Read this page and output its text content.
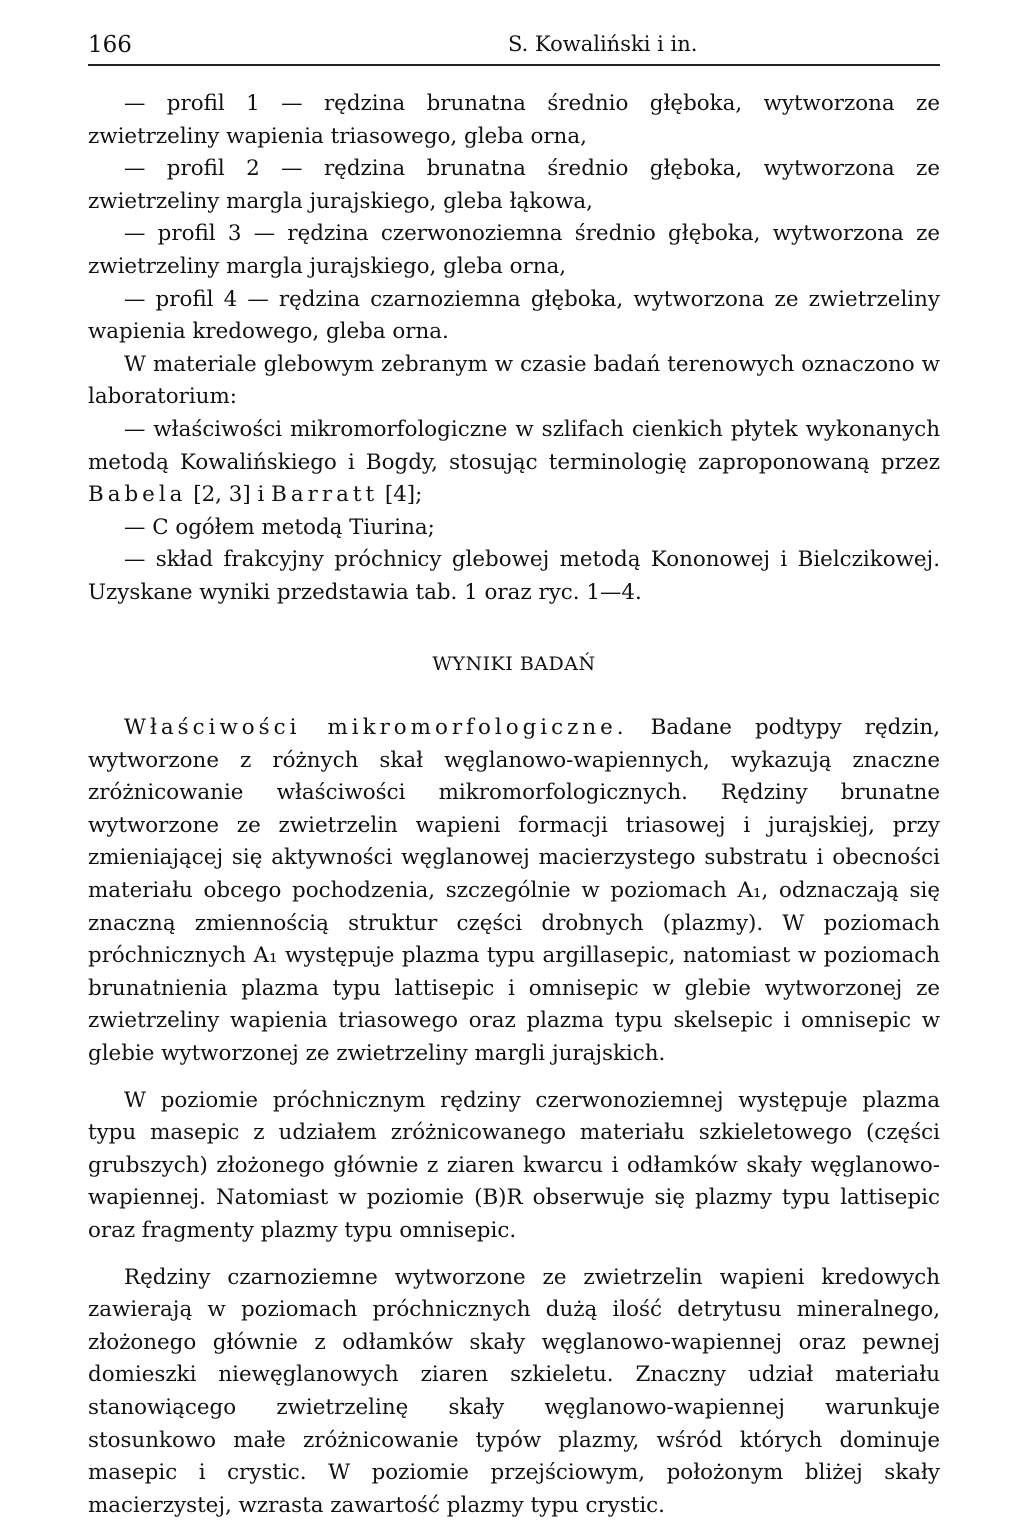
166	S. Kowaliński i in.

— profil 1 — rędzina brunatna średnio głęboka, wytworzona ze zwietrzeliny wapienia triasowego, gleba orna,

— profil 2 — rędzina brunatna średnio głęboka, wytworzona ze zwietrzeliny margla jurajskiego, gleba łąkowa,

— profil 3 — rędzina czerwonoziemna średnio głęboka, wytworzona ze zwietrzeliny margla jurajskiego, gleba orna,

— profil 4 — rędzina czarnoziemna głęboka, wytworzona ze zwietrzeliny wapienia kredowego, gleba orna.

W materiale glebowym zebranym w czasie badań terenowych oznaczono w laboratorium:

— właściwości mikromorfologiczne w szlifach cienkich płytek wykonanych metodą Kowalińskiego i Bogdy, stosując terminologię zaproponowaną przez Babela [2, 3] i Barratt [4];

— C ogółem metodą Tiurina;

— skład frakcyjny próchnicy glebowej metodą Kononowej i Bielczikowej. Uzyskane wyniki przedstawia tab. 1 oraz ryc. 1—4.

WYNIKI BADAŃ

Właściwości mikromorfologiczne. Badane podtypy rędzin, wytworzone z różnych skał węglanowo-wapiennych, wykazują znaczne zróżnicowanie właściwości mikromorfologicznych. Rędziny brunatne wytworzone ze zwietrzelin wapieni formacji triasowej i jurajskiej, przy zmieniającej się aktywności węglanowej macierzystego substratu i obecności materiału obcego pochodzenia, szczególnie w poziomach A₁, odznaczają się znaczną zmiennością struktur części drobnych (plazmy). W poziomach próchnicznych A₁ występuje plazma typu argillasepic, natomiast w poziomach brunatnienia plazma typu lattisepic i omnisepic w glebie wytworzonej ze zwietrzeliny wapienia triasowego oraz plazma typu skelsepic i omnisepic w glebie wytworzonej ze zwietrzeliny margli jurajskich.

W poziomie próchnicznym rędziny czerwonoziemnej występuje plazma typu masepic z udziałem zróżnicowanego materiału szkieletowego (części grubszych) złożonego głównie z ziaren kwarcu i odłamków skały węglanowo-wapiennej. Natomiast w poziomie (B)R obserwuje się plazmy typu lattisepic oraz fragmenty plazmy typu omnisepic.

Rędziny czarnoziemne wytworzone ze zwietrzelin wapieni kredowych zawierają w poziomach próchnicznych dużą ilość detrytusu mineralnego, złożonego głównie z odłamków skały węglanowo-wapiennej oraz pewnej domieszki niewęglanowych ziaren szkieletu. Znaczny udział materiału stanowiącego zwietrzelinę skały węglanowo-wapiennej warunkuje stosunkowo małe zróżnicowanie typów plazmy, wśród których dominuje masepic i crystic. W poziomie przejściowym, położonym bliżej skały macierzystej, wzrasta zawartość plazmy typu crystic.
